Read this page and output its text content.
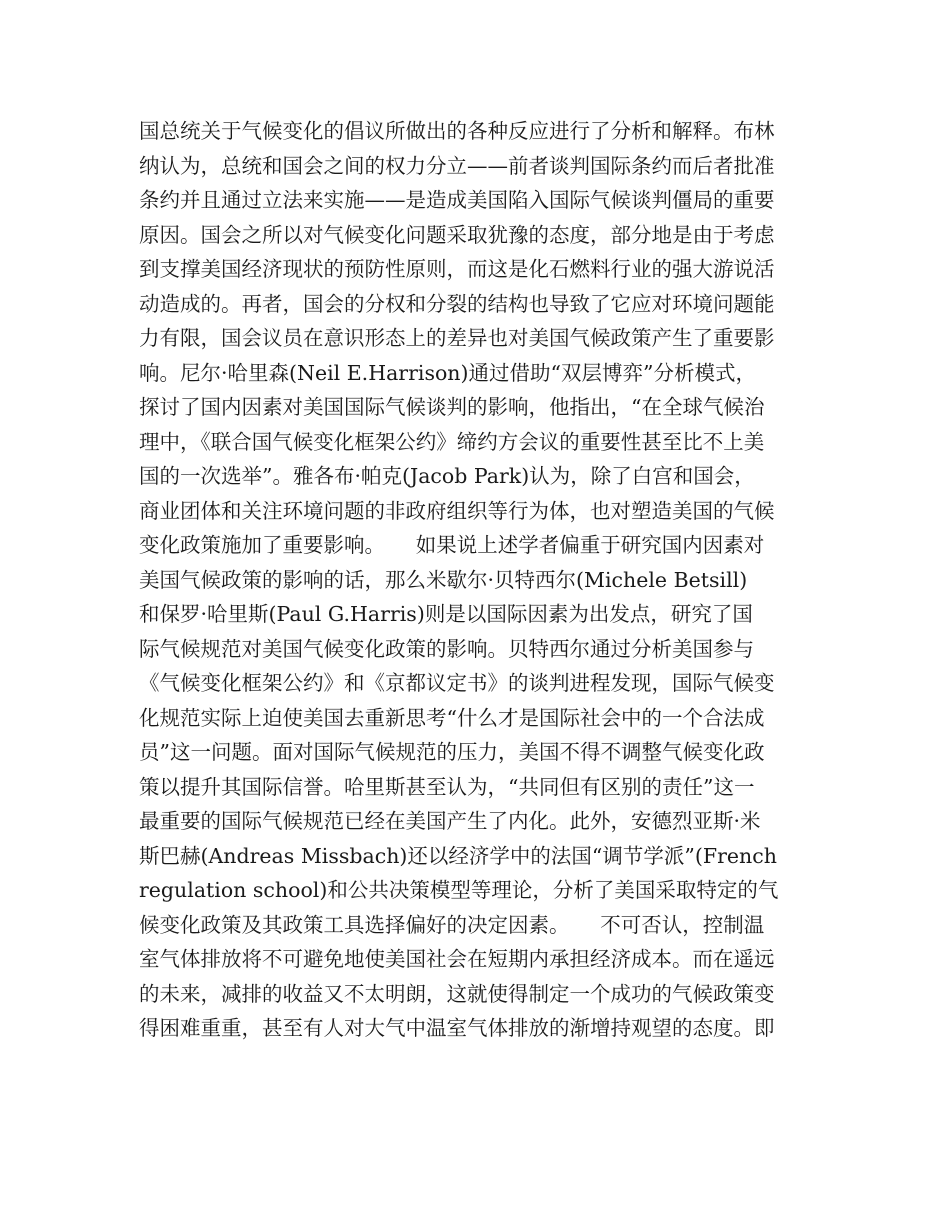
国总统关于气候变化的倡议所做出的各种反应进行了分析和解释。布林
纳认为，总统和国会之间的权力分立——前者谈判国际条约而后者批准
条约并且通过立法来实施——是造成美国陷入国际气候谈判僵局的重要
原因。国会之所以对气候变化问题采取犹豫的态度，部分地是由于考虑
到支撑美国经济现状的预防性原则，而这是化石燃料行业的强大游说活
动造成的。再者，国会的分权和分裂的结构也导致了它应对环境问题能
力有限，国会议员在意识形态上的差异也对美国气候政策产生了重要影
响。尼尔·哈里森(Neil E.Harrison)通过借助“双层博弈”分析模式，
探讨了国内因素对美国国际气候谈判的影响，他指出，“在全球气候治
理中，《联合国气候变化框架公约》缔约方会议的重要性甚至比不上美
国的一次选举”。雅各布·帕克(Jacob Park)认为，除了白宫和国会，
商业团体和关注环境问题的非政府组织等行为体，也对塑造美国的气候
变化政策施加了重要影响。　　如果说上述学者偏重于研究国内因素对
美国气候政策的影响的话，那么米歇尔·贝特西尔(Michele Betsill)
和保罗·哈里斯(Paul G.Harris)则是以国际因素为出发点，研究了国
际气候规范对美国气候变化政策的影响。贝特西尔通过分析美国参与
《气候变化框架公约》和《京都议定书》的谈判进程发现，国际气候变
化规范实际上迫使美国去重新思考“什么才是国际社会中的一个合法成
员”这一问题。面对国际气候规范的压力，美国不得不调整气候变化政
策以提升其国际信誉。哈里斯甚至认为，“共同但有区别的责任”这一
最重要的国际气候规范已经在美国产生了内化。此外，安德烈亚斯·米
斯巴赫(Andreas Missbach)还以经济学中的法国“调节学派”(French
regulation school)和公共决策模型等理论，分析了美国采取特定的气
候变化政策及其政策工具选择偏好的决定因素。　　不可否认，控制温
室气体排放将不可避免地使美国社会在短期内承担经济成本。而在遥远
的未来，减排的收益又不太明朗，这就使得制定一个成功的气候政策变
得困难重重，甚至有人对大气中温室气体排放的渐增持观望的态度。即
